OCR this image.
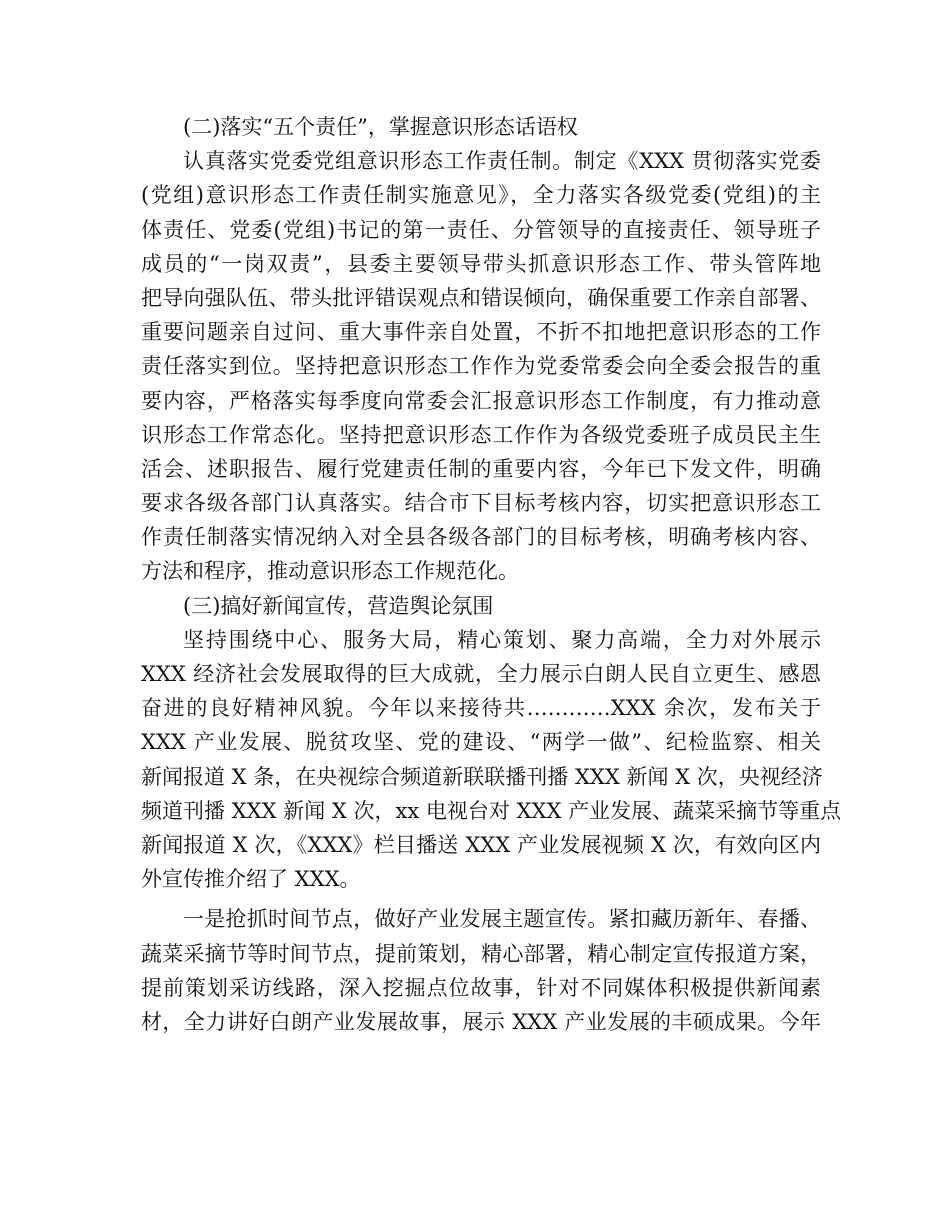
(二)落实“五个责任”，掌握意识形态话语权
认真落实党委党组意识形态工作责任制。制定《XXX 贯彻落实党委
(党组)意识形态工作责任制实施意见》，全力落实各级党委(党组)的主
体责任、党委(党组)书记的第一责任、分管领导的直接责任、领导班子
成员的“一岗双责”，县委主要领导带头抓意识形态工作、带头管阵地
把导向强队伍、带头批评错误观点和错误倾向，确保重要工作亲自部署、
重要问题亲自过问、重大事件亲自处置，不折不扣地把意识形态的工作
责任落实到位。坚持把意识形态工作作为党委常委会向全委会报告的重
要内容，严格落实每季度向常委会汇报意识形态工作制度，有力推动意
识形态工作常态化。坚持把意识形态工作作为各级党委班子成员民主生
活会、述职报告、履行党建责任制的重要内容，今年已下发文件，明确
要求各级各部门认真落实。结合市下目标考核内容，切实把意识形态工
作责任制落实情况纳入对全县各级各部门的目标考核，明确考核内容、
方法和程序，推动意识形态工作规范化。
(三)搞好新闻宣传，营造舆论氛围
坚持围绕中心、服务大局，精心策划、聚力高端，全力对外展示
XXX 经济社会发展取得的巨大成就，全力展示白朗人民自立更生、感恩
奋进的良好精神风貌。今年以来接待共…………XXX 余次，发布关于
XXX 产业发展、脱贫攻坚、党的建设、“两学一做”、纪检监察、相关
新闻报道 X 条，在央视综合频道新联联播刊播 XXX 新闻 X 次，央视经济
频道刊播 XXX 新闻 X 次，xx 电视台对 XXX 产业发展、蔬菜采摘节等重点
新闻报道 X 次，《XXX》栏目播送 XXX 产业发展视频 X 次，有效向区内
外宣传推介绍了 XXX。
一是抢抓时间节点，做好产业发展主题宣传。紧扣藏历新年、春播、
蔬菜采摘节等时间节点，提前策划，精心部署，精心制定宣传报道方案，
提前策划采访线路，深入挖掘点位故事，针对不同媒体积极提供新闻素
材，全力讲好白朗产业发展故事，展示 XXX 产业发展的丰硕成果。今年
